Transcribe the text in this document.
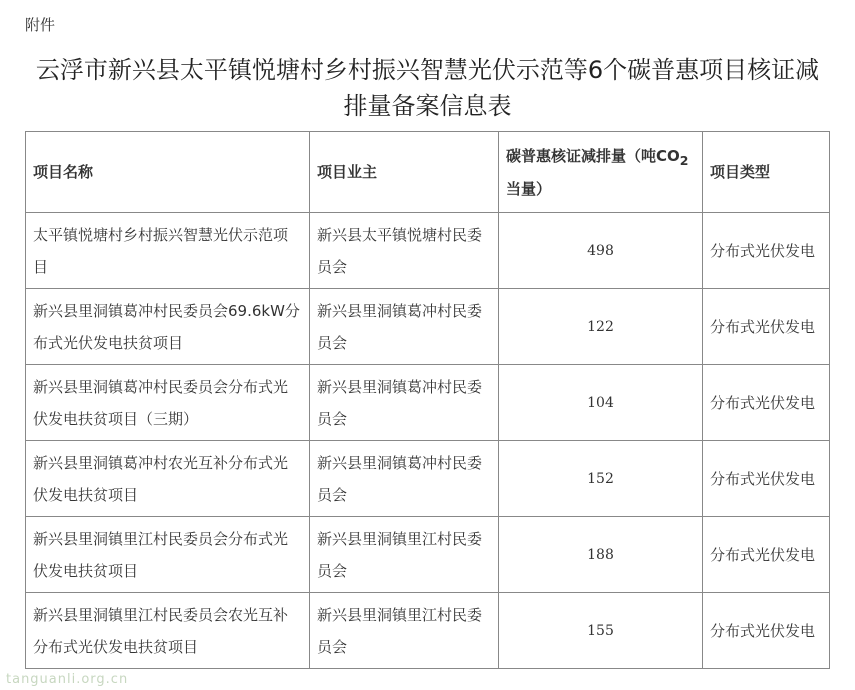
附件
云浮市新兴县太平镇悦塘村乡村振兴智慧光伏示范等6个碳普惠项目核证减
排量备案信息表
项目名称	项目业主	碳普惠核证减排量（吨$CO_2$当量）	项目类型
太平镇悦塘村乡村振兴智慧光伏示范项目	新兴县太平镇悦塘村民委员会	498	分布式光伏发电
新兴县里洞镇葛冲村民委员会69.6kW分布式光伏发电扶贫项目	新兴县里洞镇葛冲村民委员会	122	分布式光伏发电
新兴县里洞镇葛冲村民委员会分布式光伏发电扶贫项目（三期）	新兴县里洞镇葛冲村民委员会	104	分布式光伏发电
新兴县里洞镇葛冲村农光互补分布式光伏发电扶贫项目	新兴县里洞镇葛冲村民委员会	152	分布式光伏发电
新兴县里洞镇里江村民委员会分布式光伏发电扶贫项目	新兴县里洞镇里江村民委员会	188	分布式光伏发电
新兴县里洞镇里江村民委员会农光互补分布式光伏发电扶贫项目	新兴县里洞镇里江村民委员会	155	分布式光伏发电
tanguanli.org.cn
